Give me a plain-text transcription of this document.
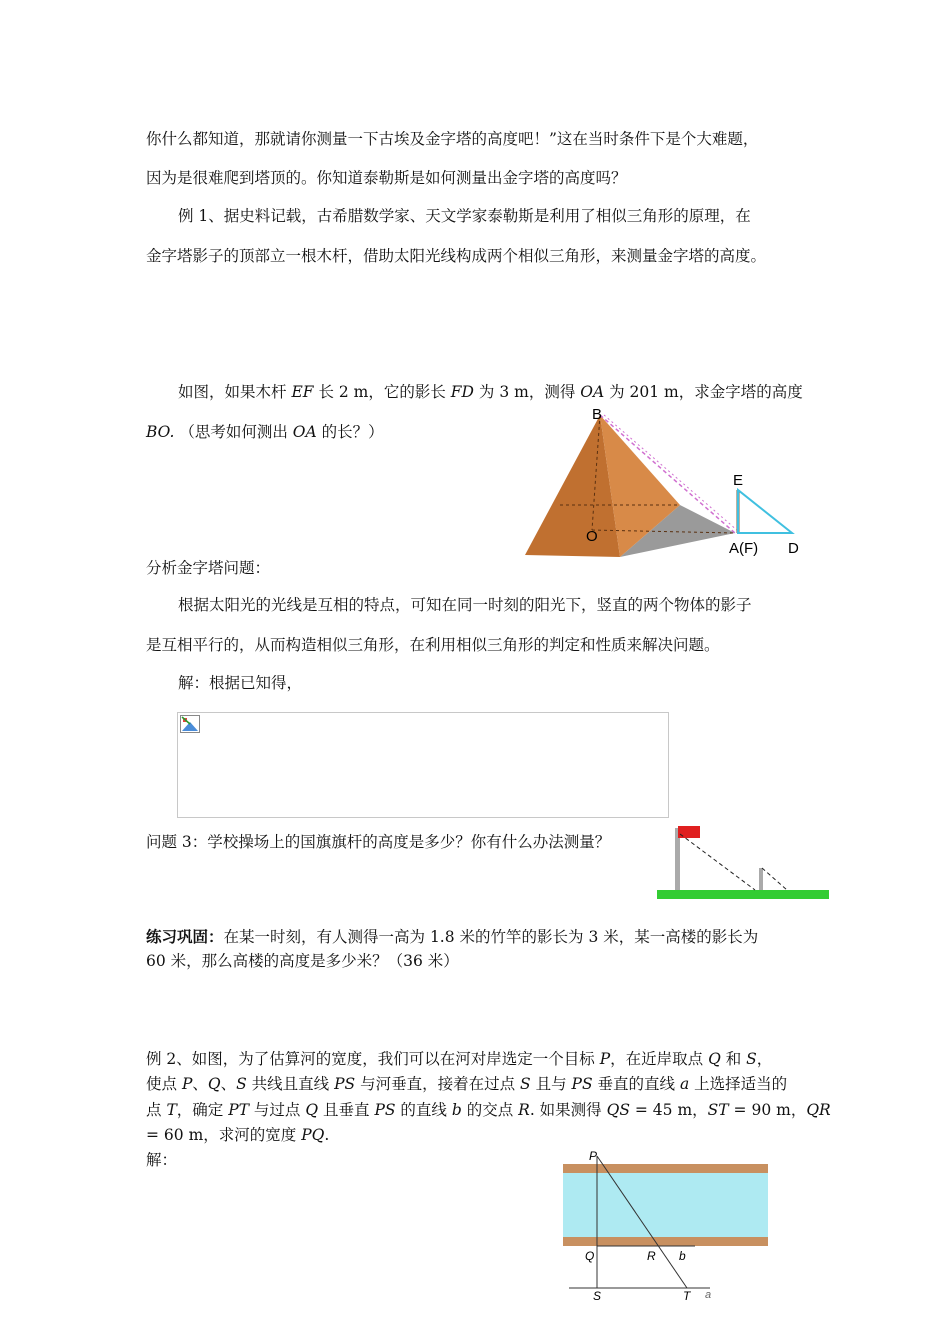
你什么都知道，那就请你测量一下古埃及金字塔的高度吧！”这在当时条件下是个大难题，
因为是很难爬到塔顶的。你知道泰勒斯是如何测量出金字塔的高度吗？
例 1、据史料记载，古希腊数学家、天文学家泰勒斯是利用了相似三角形的原理，在
金字塔影子的顶部立一根木杆，借助太阳光线构成两个相似三角形，来测量金字塔的高度。
如图，如果木杆 EF 长 2 m，它的影长 FD 为 3 m，测得 OA 为 201 m，求金字塔的高度
BO. （思考如何测出 OA 的长？）
B
O
E
A(F) D
分析金字塔问题：
根据太阳光的光线是互相的特点，可知在同一时刻的阳光下，竖直的两个物体的影子
是互相平行的，从而构造相似三角形，在利用相似三角形的判定和性质来解决问题。
解：根据已知得，
问题 3：学校操场上的国旗旗杆的高度是多少？你有什么办法测量？
练习巩固：在某一时刻，有人测得一高为 1.8 米的竹竿的影长为 3 米，某一高楼的影长为
60 米，那么高楼的高度是多少米？（36 米）
例 2、如图，为了估算河的宽度，我们可以在河对岸选定一个目标 P，在近岸取点 Q 和 S，
使点 P、Q、S 共线且直线 PS 与河垂直，接着在过点 S 且与 PS 垂直的直线 a 上选择适当的
点 T，确定 PT 与过点 Q 且垂直 PS 的直线 b 的交点 R. 如果测得 QS = 45 m，ST = 90 m，QR
= 60 m，求河的宽度 PQ.
解：	P
Q	R b
S	T a
